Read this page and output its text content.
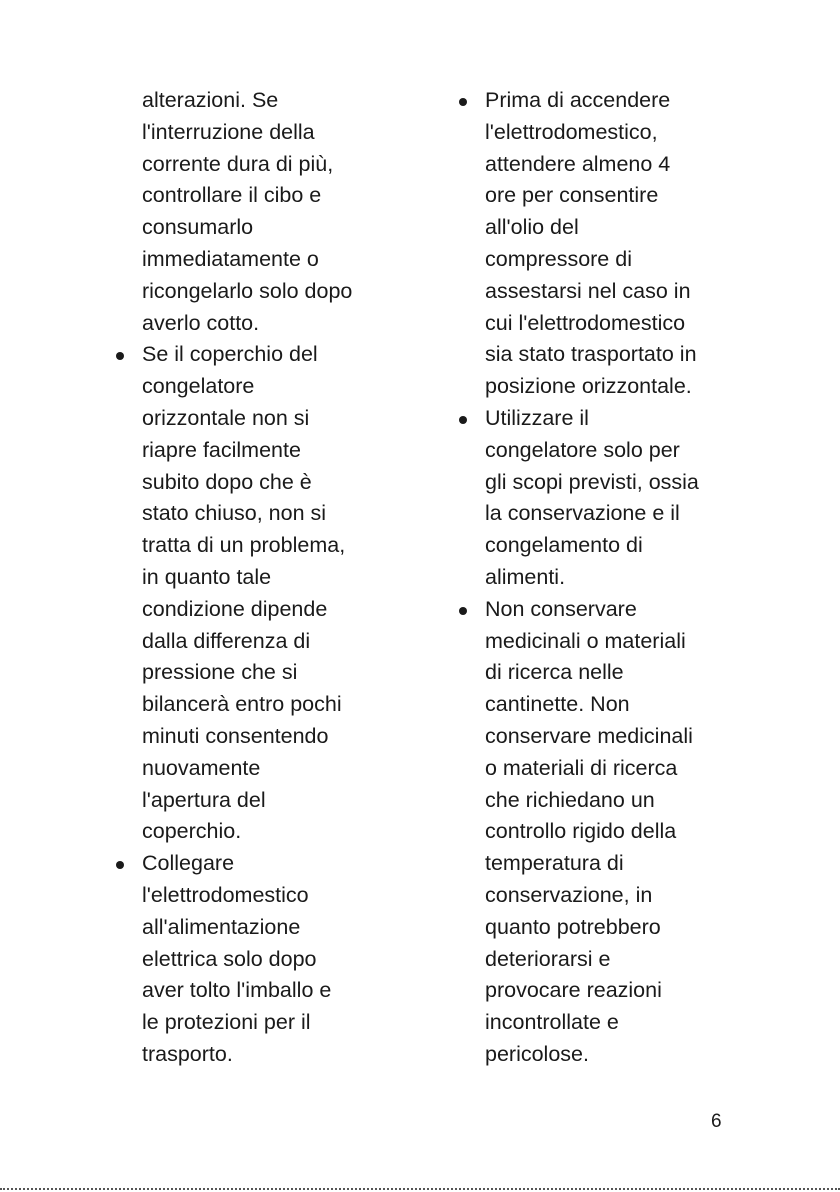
alterazioni. Se
l'interruzione della
corrente dura di più,
controllare il cibo e
consumarlo
immediatamente o
ricongelarlo solo dopo
averlo cotto.
Se il coperchio del
congelatore
orizzontale non si
riapre facilmente
subito dopo che è
stato chiuso, non si
tratta di un problema,
in quanto tale
condizione dipende
dalla differenza di
pressione che si
bilancerà entro pochi
minuti consentendo
nuovamente
l'apertura del
coperchio.
Collegare
l'elettrodomestico
all'alimentazione
elettrica solo dopo
aver tolto l'imballo e
le protezioni per il
trasporto.
Prima di accendere
l'elettrodomestico,
attendere almeno 4
ore per consentire
all'olio del
compressore di
assestarsi nel caso in
cui l'elettrodomestico
sia stato trasportato in
posizione orizzontale.
Utilizzare il
congelatore solo per
gli scopi previsti, ossia
la conservazione e il
congelamento di
alimenti.
Non conservare
medicinali o materiali
di ricerca nelle
cantinette. Non
conservare medicinali
o materiali di ricerca
che richiedano un
controllo rigido della
temperatura di
conservazione, in
quanto potrebbero
deteriorarsi e
provocare reazioni
incontrollate e
pericolose.
6
